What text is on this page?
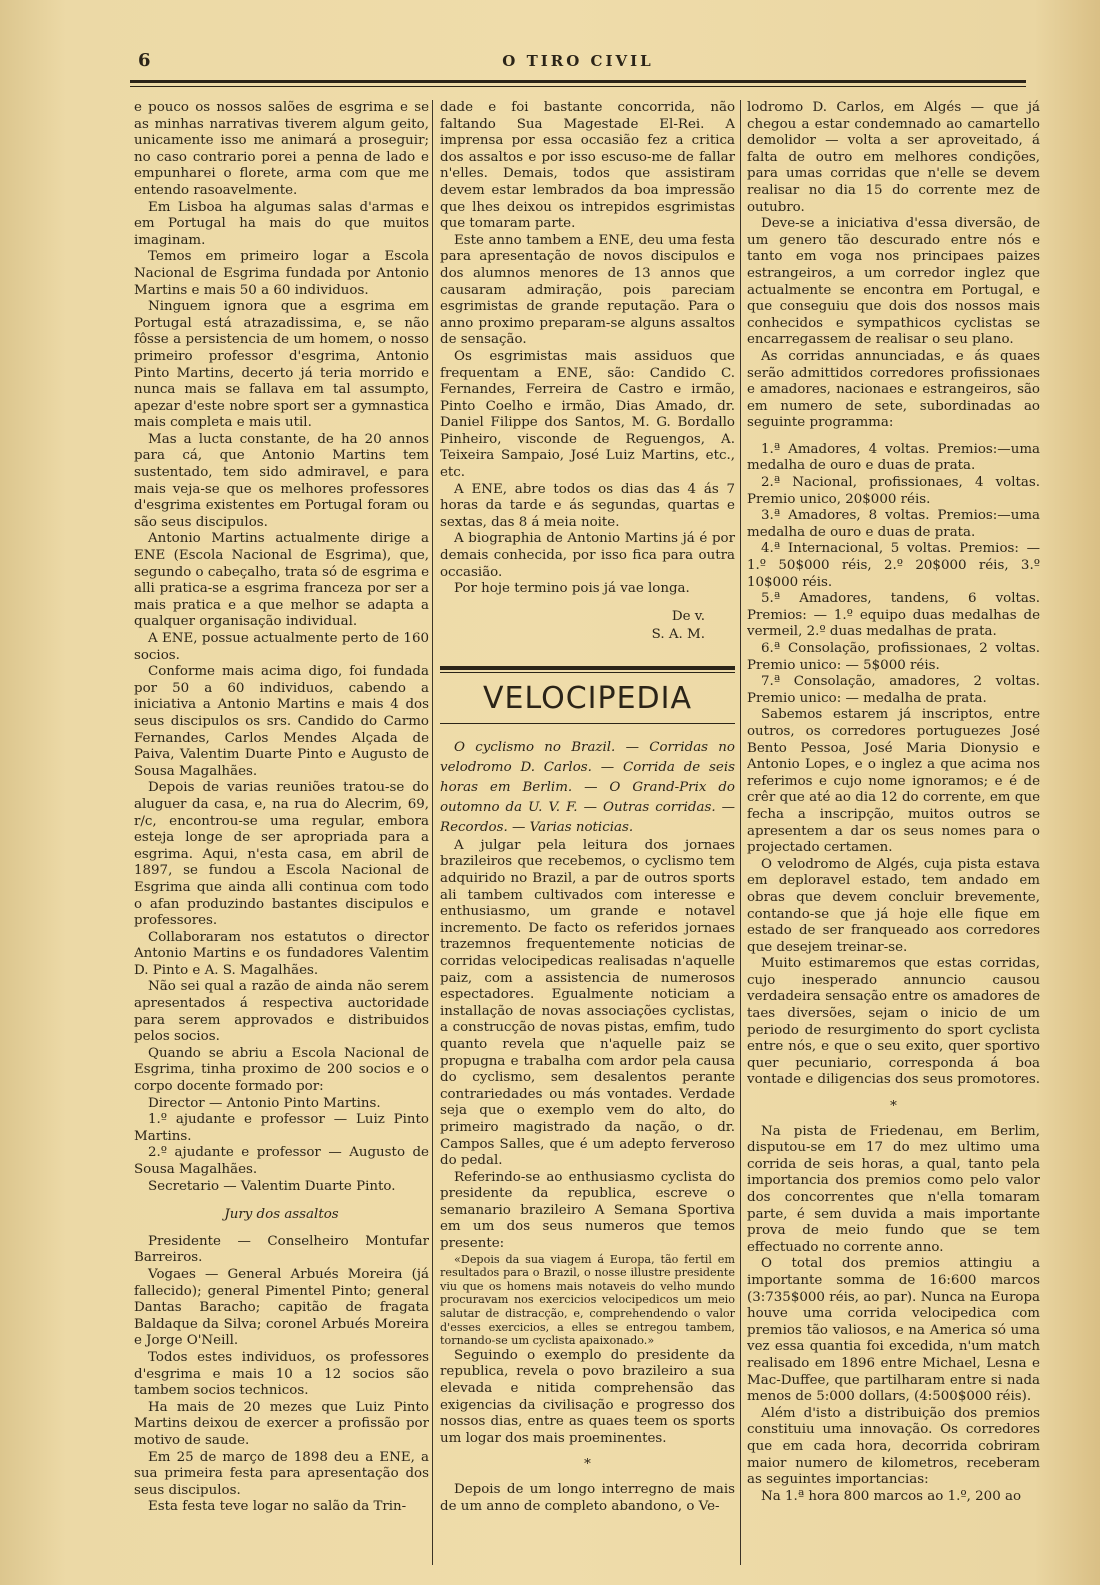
6	O TIRO CIVIL

e pouco os nossos salões de esgrima e se as minhas narrativas tiverem algum geito, unicamente isso me animará a proseguir; no caso contrario porei a penna de lado e empunharei o florete, arma com que me entendo rasoavelmente.

Em Lisboa ha algumas salas d'armas e em Portugal ha mais do que muitos imaginam.

Temos em primeiro logar a Escola Nacional de Esgrima fundada por Antonio Martins e mais 50 a 60 individuos.

Ninguem ignora que a esgrima em Portugal está atrazadissima, e, se não fôsse a persistencia de um homem, o nosso primeiro professor d'esgrima, Antonio Pinto Martins, decerto já teria morrido e nunca mais se fallava em tal assumpto, apezar d'este nobre sport ser a gymnastica mais completa e mais util.

Mas a lucta constante, de ha 20 annos para cá, que Antonio Martins tem sustentado, tem sido admiravel, e para mais veja-se que os melhores professores d'esgrima existentes em Portugal foram ou são seus discipulos.

Antonio Martins actualmente dirige a ENE (Escola Nacional de Esgrima), que, segundo o cabeçalho, trata só de esgrima e alli pratica-se a esgrima franceza por ser a mais pratica e a que melhor se adapta a qualquer organisação individual.

A ENE, possue actualmente perto de 160 socios.

Conforme mais acima digo, foi fundada por 50 a 60 individuos, cabendo a iniciativa a Antonio Martins e mais 4 dos seus discipulos os srs. Candido do Carmo Fernandes, Carlos Mendes Alçada de Paiva, Valentim Duarte Pinto e Augusto de Sousa Magalhães.

Depois de varias reuniões tratou-se do aluguer da casa, e, na rua do Alecrim, 69, r/c, encontrou-se uma regular, embora esteja longe de ser apropriada para a esgrima. Aqui, n'esta casa, em abril de 1897, se fundou a Escola Nacional de Esgrima que ainda alli continua com todo o afan produzindo bastantes discipulos e professores.

Collaboraram nos estatutos o director Antonio Martins e os fundadores Valentim D. Pinto e A. S. Magalhães.

Não sei qual a razão de ainda não serem apresentados á respectiva auctoridade para serem approvados e distribuidos pelos socios.

Quando se abriu a Escola Nacional de Esgrima, tinha proximo de 200 socios e o corpo docente formado por:

Director — Antonio Pinto Martins.

1.º ajudante e professor — Luiz Pinto Martins.

2.º ajudante e professor — Augusto de Sousa Magalhães.

Secretario — Valentim Duarte Pinto.

Jury dos assaltos

Presidente — Conselheiro Montufar Barreiros.

Vogaes — General Arbués Moreira (já fallecido); general Pimentel Pinto; general Dantas Baracho; capitão de fragata Baldaque da Silva; coronel Arbués Moreira e Jorge O'Neill.

Todos estes individuos, os professores d'esgrima e mais 10 a 12 socios são tambem socios technicos.

Ha mais de 20 mezes que Luiz Pinto Martins deixou de exercer a profissão por motivo de saude.

Em 25 de março de 1898 deu a ENE, a sua primeira festa para apresentação dos seus discipulos.

Esta festa teve logar no salão da Trin-

dade e foi bastante concorrida, não faltando Sua Magestade El-Rei. A imprensa por essa occasião fez a critica dos assaltos e por isso escuso-me de fallar n'elles. Demais, todos que assistiram devem estar lembrados da boa impressão que lhes deixou os intrepidos esgrimistas que tomaram parte.

Este anno tambem a ENE, deu uma festa para apresentação de novos discipulos e dos alumnos menores de 13 annos que causaram admiração, pois pareciam esgrimistas de grande reputação. Para o anno proximo preparam-se alguns assaltos de sensação.

Os esgrimistas mais assiduos que frequentam a ENE, são: Candido C. Fernandes, Ferreira de Castro e irmão, Pinto Coelho e irmão, Dias Amado, dr. Daniel Filippe dos Santos, M. G. Bordallo Pinheiro, visconde de Reguengos, A. Teixeira Sampaio, José Luiz Martins, etc., etc.

A ENE, abre todos os dias das 4 ás 7 horas da tarde e ás segundas, quartas e sextas, das 8 á meia noite.

A biographia de Antonio Martins já é por demais conhecida, por isso fica para outra occasião.

Por hoje termino pois já vae longa.

De v.
S. A. M.
VELOCIPEDIA

O cyclismo no Brazil. — Corridas no velodromo D. Carlos. — Corrida de seis horas em Berlim. — O Grand-Prix do outomno da U. V. F. — Outras corridas. — Recordos. — Varias noticias.

A julgar pela leitura dos jornaes brazileiros que recebemos, o cyclismo tem adquirido no Brazil, a par de outros sports ali tambem cultivados com interesse e enthusiasmo, um grande e notavel incremento. De facto os referidos jornaes trazemnos frequentemente noticias de corridas velocipedicas realisadas n'aquelle paiz, com a assistencia de numerosos espectadores. Egualmente noticiam a installação de novas associações cyclistas, a construcção de novas pistas, emfim, tudo quanto revela que n'aquelle paiz se propugna e trabalha com ardor pela causa do cyclismo, sem desalentos perante contrariedades ou más vontades. Verdade seja que o exemplo vem do alto, do primeiro magistrado da nação, o dr. Campos Salles, que é um adepto ferveroso do pedal.

Referindo-se ao enthusiasmo cyclista do presidente da republica, escreve o semanario brazileiro A Semana Sportiva em um dos seus numeros que temos presente:

«Depois da sua viagem á Europa, tão fertil em resultados para o Brazil, o nosse illustre presidente viu que os homens mais notaveis do velho mundo procuravam nos exercicios velocipedicos um meio salutar de distracção, e, comprehendendo o valor d'esses exercicios, a elles se entregou tambem, tornando-se um cyclista apaixonado.»

Seguindo o exemplo do presidente da republica, revela o povo brazileiro a sua elevada e nitida comprehensão das exigencias da civilisação e progresso dos nossos dias, entre as quaes teem os sports um logar dos mais proeminentes.

*

Depois de um longo interregno de mais de um anno de completo abandono, o Ve-

lodromo D. Carlos, em Algés — que já chegou a estar condemnado ao camartello demolidor — volta a ser aproveitado, á falta de outro em melhores condições, para umas corridas que n'elle se devem realisar no dia 15 do corrente mez de outubro.

Deve-se a iniciativa d'essa diversão, de um genero tão descurado entre nós e tanto em voga nos principaes paizes estrangeiros, a um corredor inglez que actualmente se encontra em Portugal, e que conseguiu que dois dos nossos mais conhecidos e sympathicos cyclistas se encarregassem de realisar o seu plano.

As corridas annunciadas, e ás quaes serão admittidos corredores profissionaes e amadores, nacionaes e estrangeiros, são em numero de sete, subordinadas ao seguinte programma:

1.ª Amadores, 4 voltas. Premios:—uma medalha de ouro e duas de prata.

2.ª Nacional, profissionaes, 4 voltas. Premio unico, 20$000 réis.

3.ª Amadores, 8 voltas. Premios:—uma medalha de ouro e duas de prata.

4.ª Internacional, 5 voltas. Premios: — 1.º 50$000 réis, 2.º 20$000 réis, 3.º 10$000 réis.

5.ª Amadores, tandens, 6 voltas. Premios: — 1.º equipo duas medalhas de vermeil, 2.º duas medalhas de prata.

6.ª Consolação, profissionaes, 2 voltas. Premio unico: — 5$000 réis.

7.ª Consolação, amadores, 2 voltas. Premio unico: — medalha de prata.

Sabemos estarem já inscriptos, entre outros, os corredores portuguezes José Bento Pessoa, José Maria Dionysio e Antonio Lopes, e o inglez a que acima nos referimos e cujo nome ignoramos; e é de crêr que até ao dia 12 do corrente, em que fecha a inscripção, muitos outros se apresentem a dar os seus nomes para o projectado certamen.

O velodromo de Algés, cuja pista estava em deploravel estado, tem andado em obras que devem concluir brevemente, contando-se que já hoje elle fique em estado de ser franqueado aos corredores que desejem treinar-se.

Muito estimaremos que estas corridas, cujo inesperado annuncio causou verdadeira sensação entre os amadores de taes diversões, sejam o inicio de um periodo de resurgimento do sport cyclista entre nós, e que o seu exito, quer sportivo quer pecuniario, corresponda á boa vontade e diligencias dos seus promotores.

*

Na pista de Friedenau, em Berlim, disputou-se em 17 do mez ultimo uma corrida de seis horas, a qual, tanto pela importancia dos premios como pelo valor dos concorrentes que n'ella tomaram parte, é sem duvida a mais importante prova de meio fundo que se tem effectuado no corrente anno.

O total dos premios attingiu a importante somma de 16:600 marcos (3:735$000 réis, ao par). Nunca na Europa houve uma corrida velocipedica com premios tão valiosos, e na America só uma vez essa quantia foi excedida, n'um match realisado em 1896 entre Michael, Lesna e Mac-Duffee, que partilharam entre si nada menos de 5:000 dollars, (4:500$000 réis).

Além d'isto a distribuição dos premios constituiu uma innovação. Os corredores que em cada hora, decorrida cobriram maior numero de kilometros, receberam as seguintes importancias:

Na 1.ª hora 800 marcos ao 1.º, 200 ao
